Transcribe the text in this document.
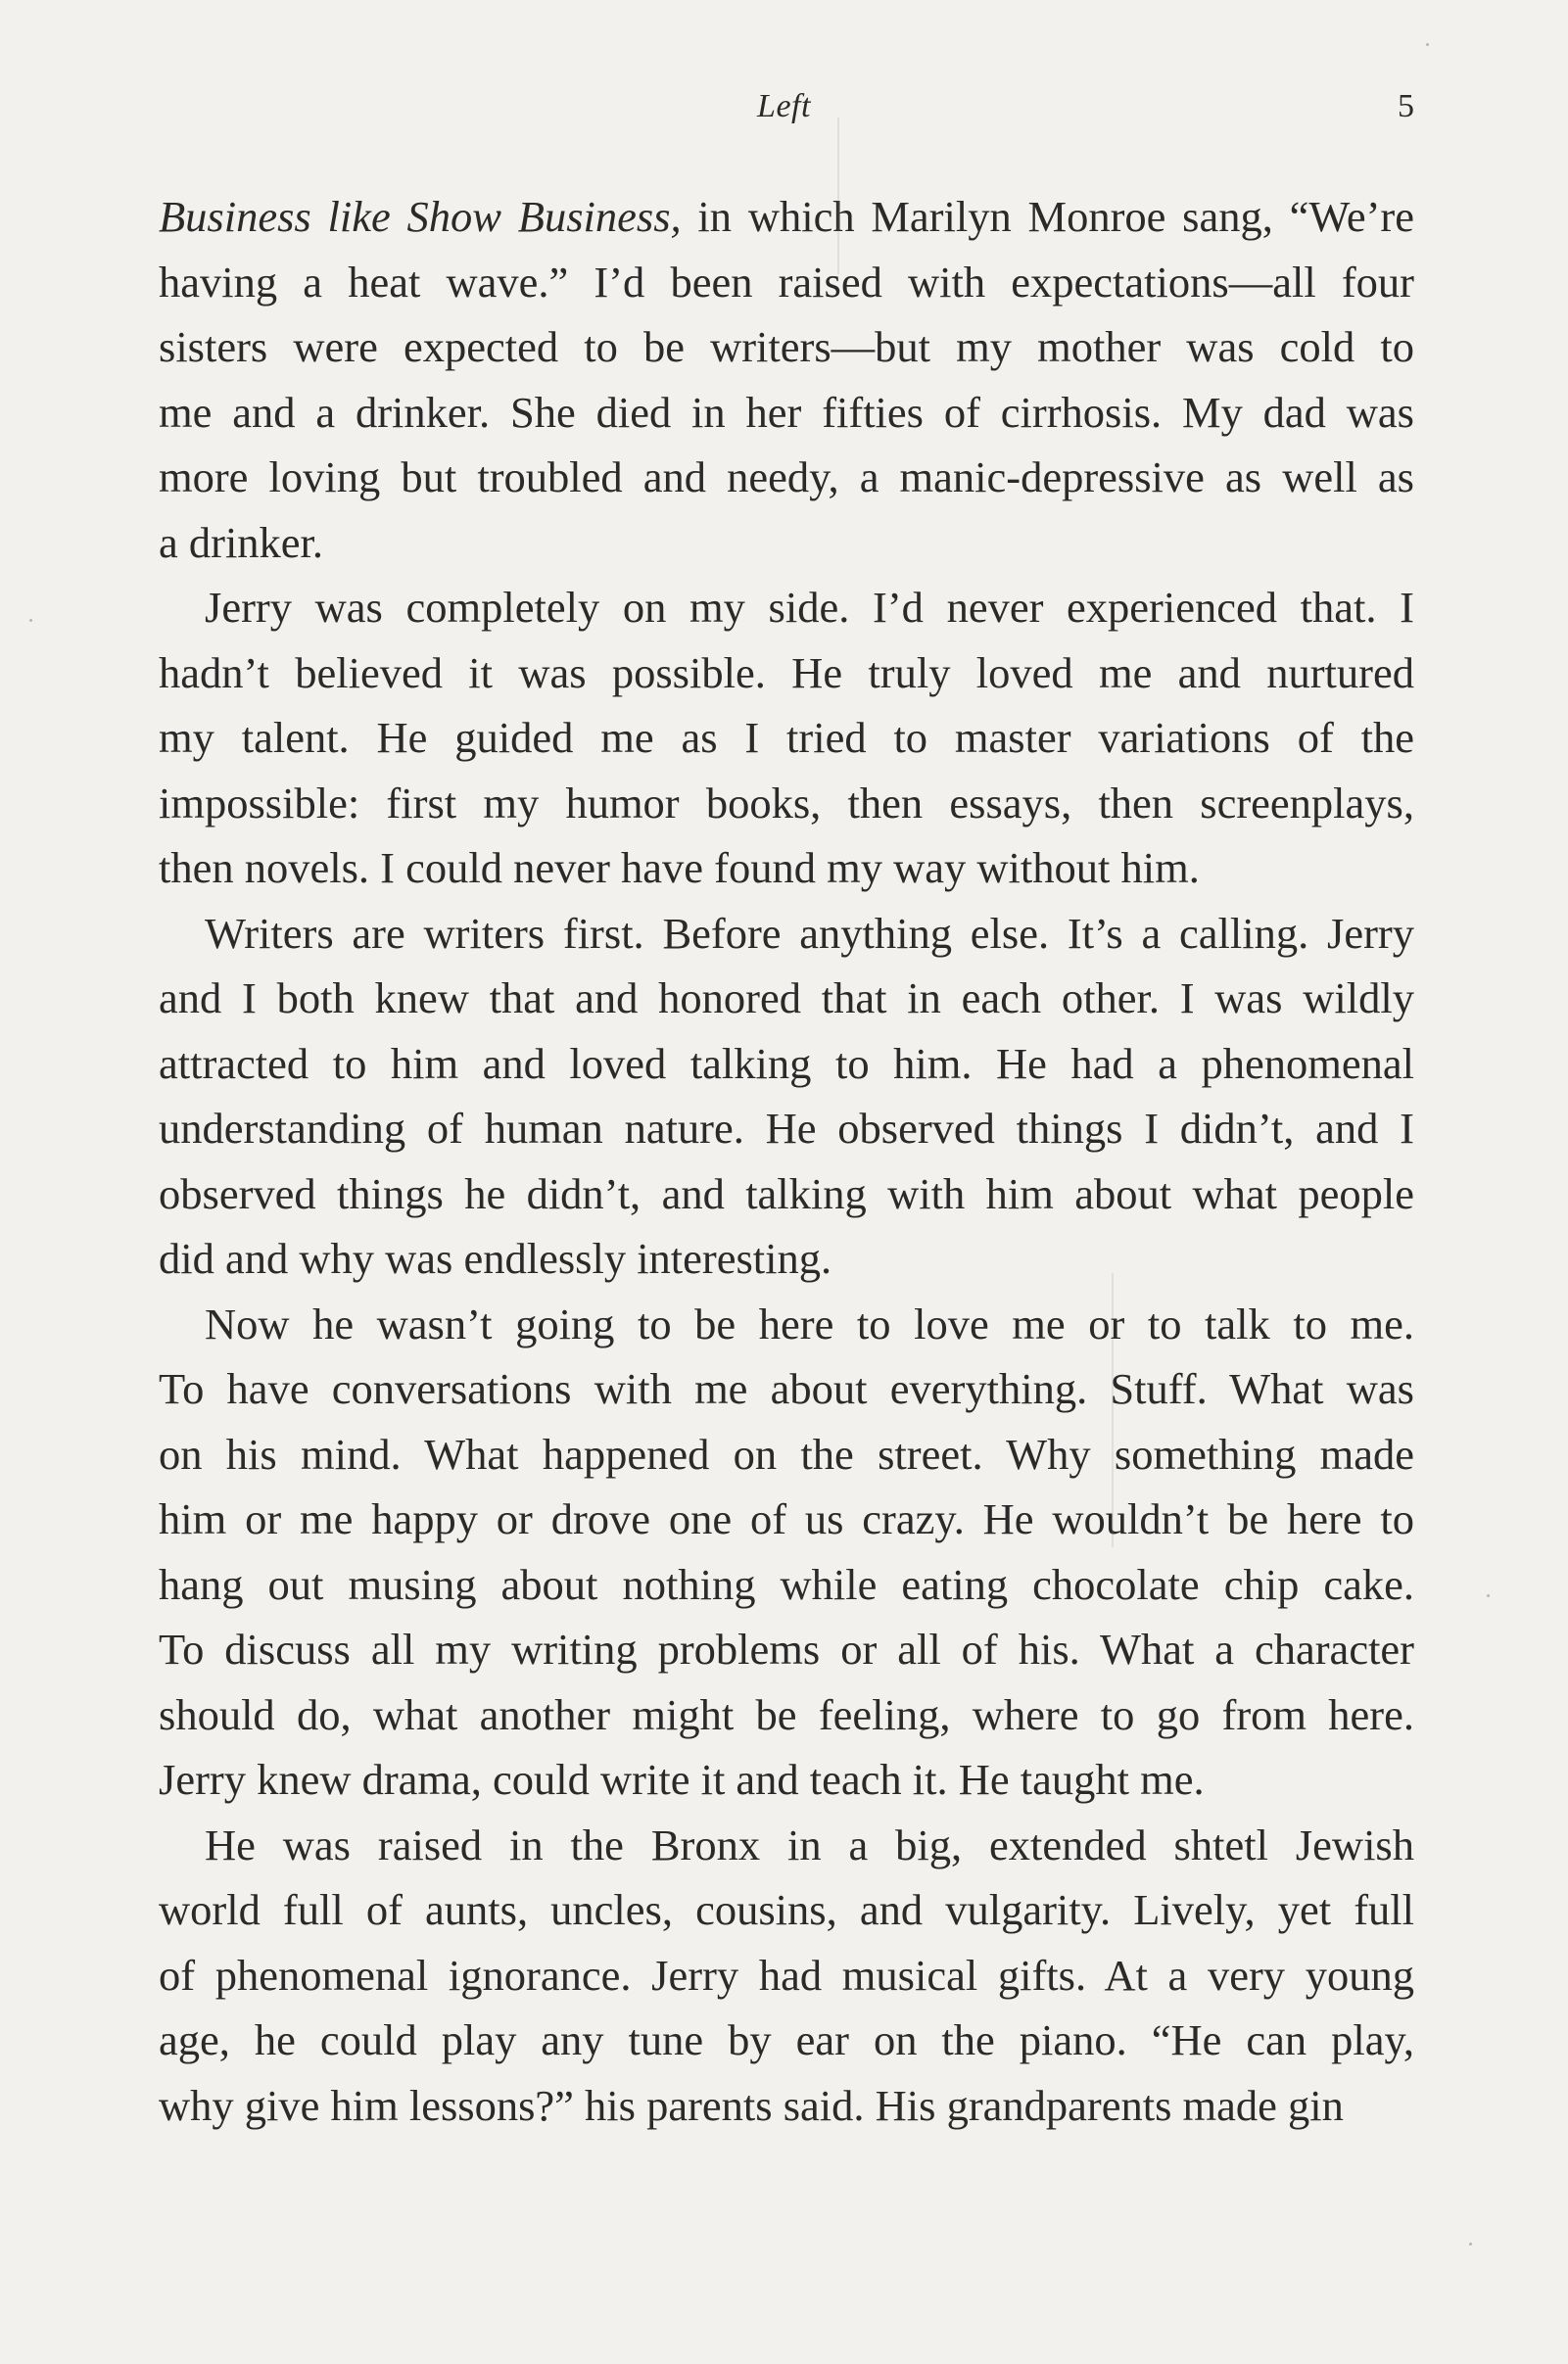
Left	5
Business like Show Business, in which Marilyn Monroe sang, “We’re
having a heat wave.” I’d been raised with expectations—all four
sisters were expected to be writers—but my mother was cold to
me and a drinker. She died in her fifties of cirrhosis. My dad was
more loving but troubled and needy, a manic-depressive as well as
a drinker.
Jerry was completely on my side. I’d never experienced that. I
hadn’t believed it was possible. He truly loved me and nurtured
my talent. He guided me as I tried to master variations of the
impossible: first my humor books, then essays, then screenplays,
then novels. I could never have found my way without him.
Writers are writers first. Before anything else. It’s a calling. Jerry
and I both knew that and honored that in each other. I was wildly
attracted to him and loved talking to him. He had a phenomenal
understanding of human nature. He observed things I didn’t, and I
observed things he didn’t, and talking with him about what people
did and why was endlessly interesting.
Now he wasn’t going to be here to love me or to talk to me.
To have conversations with me about everything. Stuff. What was
on his mind. What happened on the street. Why something made
him or me happy or drove one of us crazy. He wouldn’t be here to
hang out musing about nothing while eating chocolate chip cake.
To discuss all my writing problems or all of his. What a character
should do, what another might be feeling, where to go from here.
Jerry knew drama, could write it and teach it. He taught me.
He was raised in the Bronx in a big, extended shtetl Jewish
world full of aunts, uncles, cousins, and vulgarity. Lively, yet full
of phenomenal ignorance. Jerry had musical gifts. At a very young
age, he could play any tune by ear on the piano. “He can play,
why give him lessons?” his parents said. His grandparents made gin
